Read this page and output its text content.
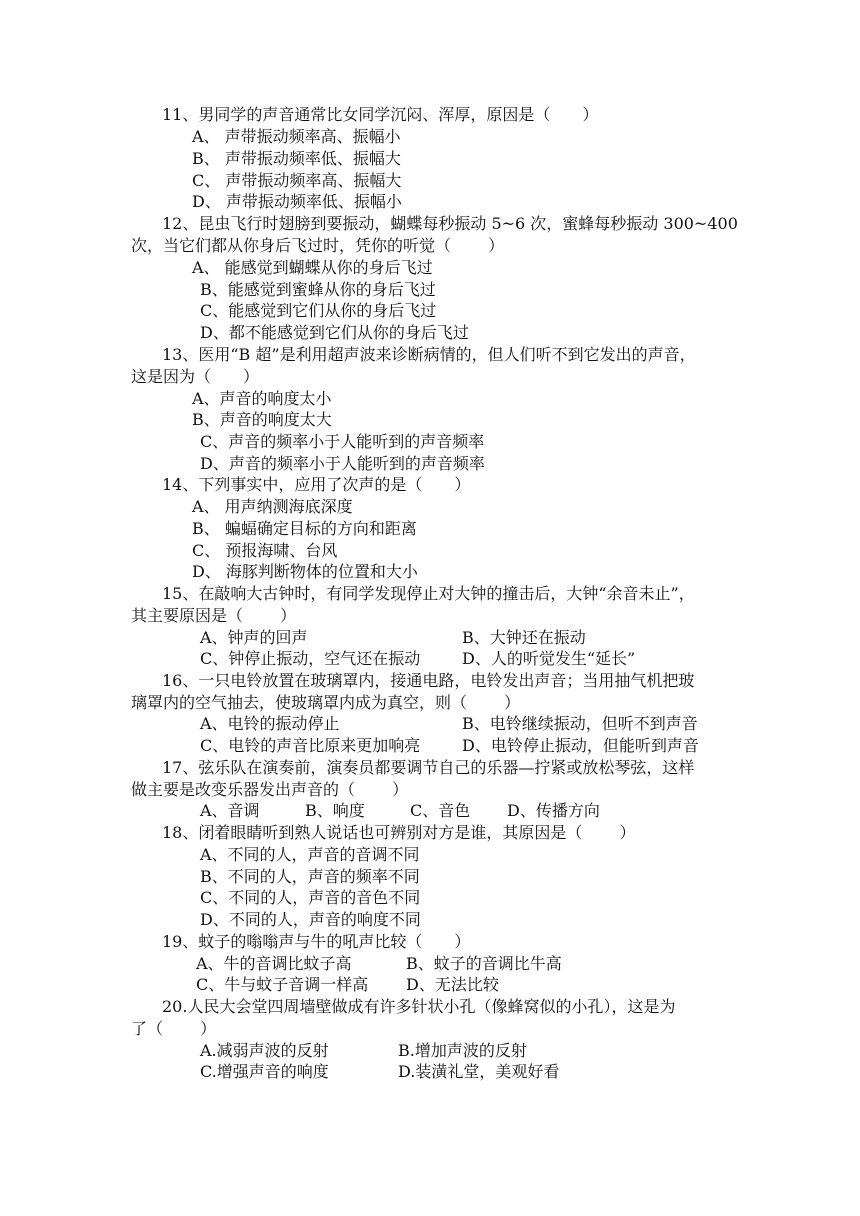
11、男同学的声音通常比女同学沉闷、浑厚，原因是（　　）
A、 声带振动频率高、振幅小
B、 声带振动频率低、振幅大
C、 声带振动频率高、振幅大
D、 声带振动频率低、振幅小
12、昆虫飞行时翅膀到要振动，蝴蝶每秒振动 5~6 次，蜜蜂每秒振动 300~400
次，当它们都从你身后飞过时，凭你的听觉（　　 ）
A、 能感觉到蝴蝶从你的身后飞过
B、能感觉到蜜蜂从你的身后飞过
C、能感觉到它们从你的身后飞过
D、都不能感觉到它们从你的身后飞过
13、医用“B 超”是利用超声波来诊断病情的，但人们听不到它发出的声音，
这是因为（　　）
A、声音的响度太小
B、声音的响度太大
C、声音的频率小于人能听到的声音频率
D、声音的频率小于人能听到的声音频率
14、下列事实中，应用了次声的是（　　）
A、 用声纳测海底深度
B、 蝙蝠确定目标的方向和距离
C、 预报海啸、台风
D、 海豚判断物体的位置和大小
15、在敲响大古钟时，有同学发现停止对大钟的撞击后，大钟“余音未止”，
其主要原因是（　　 ）
A、钟声的回声	B、大钟还在振动
C、钟停止振动，空气还在振动	D、人的听觉发生“延长”
16、一只电铃放置在玻璃罩内，接通电路，电铃发出声音；当用抽气机把玻
璃罩内的空气抽去，使玻璃罩内成为真空，则（　　 ）
A、电铃的振动停止	B、电铃继续振动，但听不到声音
C、电铃的声音比原来更加响亮	D、电铃停止振动，但能听到声音
17、弦乐队在演奏前，演奏员都要调节自己的乐器—拧紧或放松琴弦，这样
做主要是改变乐器发出声音的（　　 ）
A、音调	B、响度	C、音色 D、传播方向
18、闭着眼睛听到熟人说话也可辨别对方是谁，其原因是（　　 ）
A、不同的人，声音的音调不同
B、不同的人，声音的频率不同
C、不同的人，声音的音色不同
D、不同的人，声音的响度不同
19、蚊子的嗡嗡声与牛的吼声比较（　　）
A、牛的音调比蚊子高	B、蚊子的音调比牛高
C、牛与蚊子音调一样高 D、无法比较
20.人民大会堂四周墙壁做成有许多针状小孔（像蜂窝似的小孔），这是为
了（　　 ）
A.减弱声波的反射	B.增加声波的反射
C.增强声音的响度	D.装潢礼堂，美观好看
